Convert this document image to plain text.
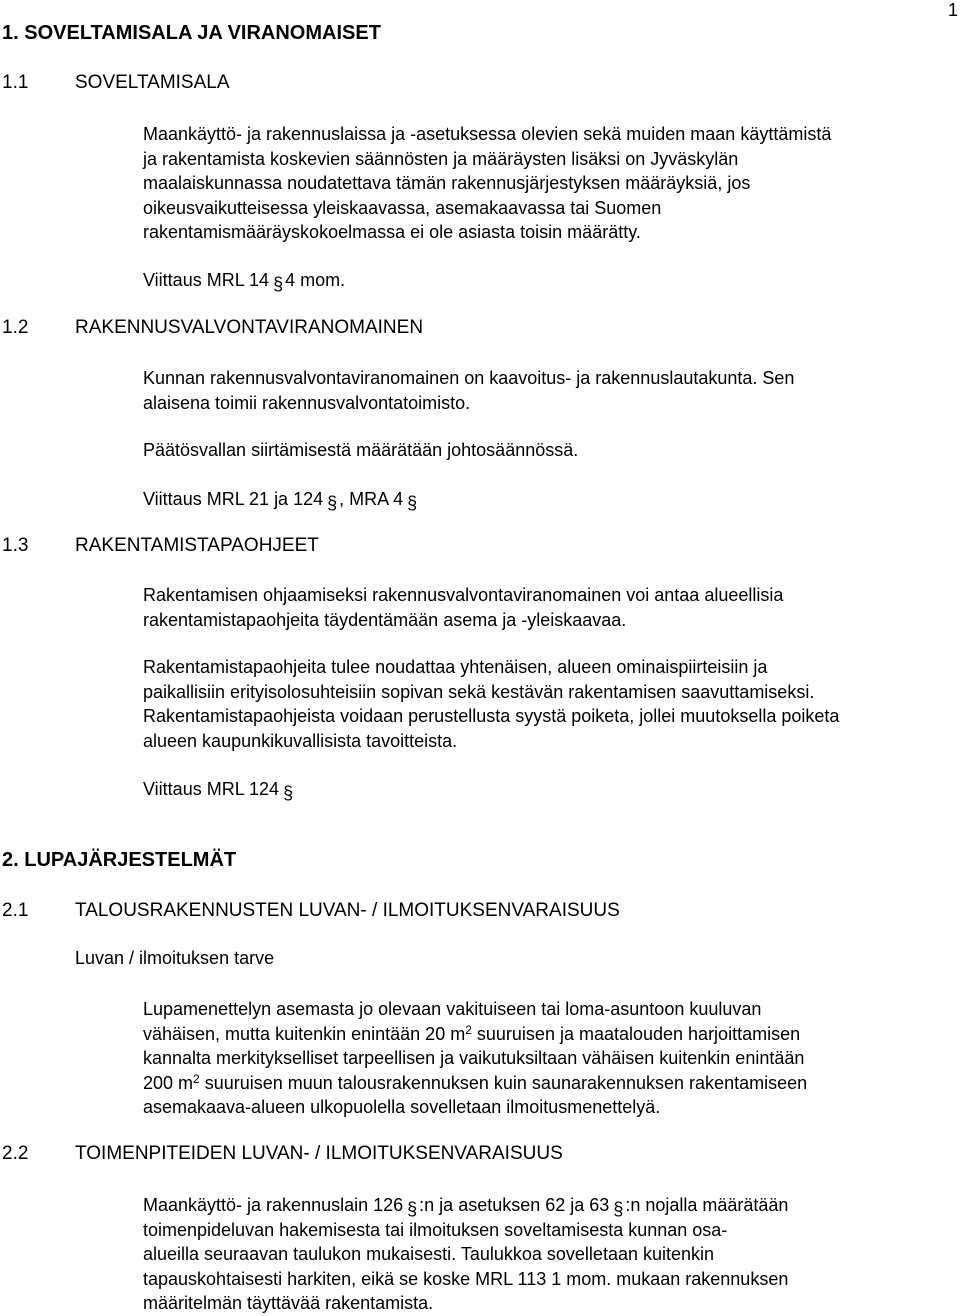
1
1. SOVELTAMISALA JA VIRANOMAISET
1.1 SOVELTAMISALA
Maankäyttö- ja rakennuslaissa ja -asetuksessa olevien sekä muiden maan käyttämistä
ja rakentamista koskevien säännösten ja määräysten lisäksi on Jyväskylän
maalaiskunnassa noudatettava tämän rakennusjärjestyksen määräyksiä, jos
oikeusvaikutteisessa yleiskaavassa, asemakaavassa tai Suomen
rakentamismääräyskokoelmassa ei ole asiasta toisin määrätty.
Viittaus MRL 14 § 4 mom.
1.2 RAKENNUSVALVONTAVIRANOMAINEN
Kunnan rakennusvalvontaviranomainen on kaavoitus- ja rakennuslautakunta. Sen
alaisena toimii rakennusvalvontatoimisto.
Päätösvallan siirtämisestä määrätään johtosäännössä.
Viittaus MRL 21 ja 124 § , MRA 4 §
1.3 RAKENTAMISTAPAOHJEET
Rakentamisen ohjaamiseksi rakennusvalvontaviranomainen voi antaa alueellisia
rakentamistapaohjeita täydentämään asema ja -yleiskaavaa.
Rakentamistapaohjeita tulee noudattaa yhtenäisen, alueen ominaispiirteisiin ja
paikallisiin erityisolosuhteisiin sopivan sekä kestävän rakentamisen saavuttamiseksi.
Rakentamistapaohjeista voidaan perustellusta syystä poiketa, jollei muutoksella poiketa
alueen kaupunkikuvallisista tavoitteista.
Viittaus MRL 124 §
2. LUPAJÄRJESTELMÄT
2.1 TALOUSRAKENNUSTEN LUVAN- / ILMOITUKSENVARAISUUS
Luvan / ilmoituksen tarve
Lupamenettelyn asemasta jo olevaan vakituiseen tai loma-asuntoon kuuluvan
vähäisen, mutta kuitenkin enintään 20 $m^2$ suuruisen ja maatalouden harjoittamisen
kannalta merkitykselliset tarpeellisen ja vaikutuksiltaan vähäisen kuitenkin enintään
200 $m^2$ suuruisen muun talousrakennuksen kuin saunarakennuksen rakentamiseen
asemakaava-alueen ulkopuolella sovelletaan ilmoitusmenettelyä.
2.2 TOIMENPITEIDEN LUVAN- / ILMOITUKSENVARAISUUS
Maankäyttö- ja rakennuslain 126 § :n ja asetuksen 62 ja 63 § :n nojalla määrätään
toimenpideluvan hakemisesta tai ilmoituksen soveltamisesta kunnan osa-
alueilla seuraavan taulukon mukaisesti. Taulukkoa sovelletaan kuitenkin
tapauskohtaisesti harkiten, eikä se koske MRL 113 1 mom. mukaan rakennuksen
määritelmän täyttävää rakentamista.
